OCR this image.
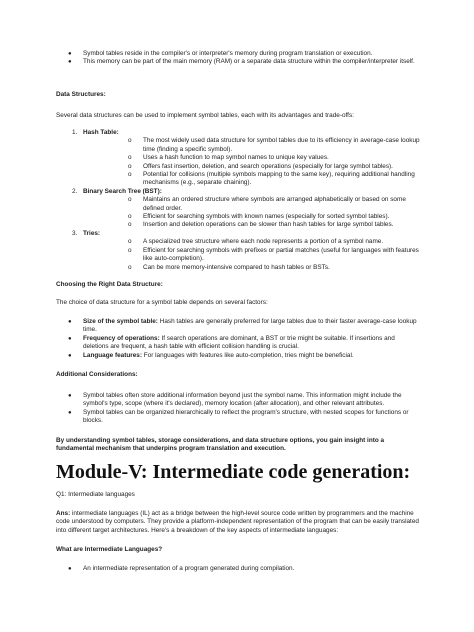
● Symbol tables reside in the compiler's or interpreter's memory during program translation or execution.
● This memory can be part of the main memory (RAM) or a separate data structure within the compiler/interpreter itself.
Data Structures:
Several data structures can be used to implement symbol tables, each with its advantages and trade-offs:
1. Hash Table:
o The most widely used data structure for symbol tables due to its efficiency in average-case lookup time (finding a specific symbol).
o Uses a hash function to map symbol names to unique key values.
o Offers fast insertion, deletion, and search operations (especially for large symbol tables).
o Potential for collisions (multiple symbols mapping to the same key), requiring additional handling mechanisms (e.g., separate chaining).
2. Binary Search Tree (BST):
o Maintains an ordered structure where symbols are arranged alphabetically or based on some defined order.
o Efficient for searching symbols with known names (especially for sorted symbol tables).
o Insertion and deletion operations can be slower than hash tables for large symbol tables.
3. Tries:
o A specialized tree structure where each node represents a portion of a symbol name.
o Efficient for searching symbols with prefixes or partial matches (useful for languages with features like auto-completion).
o Can be more memory-intensive compared to hash tables or BSTs.
Choosing the Right Data Structure:
The choice of data structure for a symbol table depends on several factors:
● Size of the symbol table: Hash tables are generally preferred for large tables due to their faster average-case lookup time.
● Frequency of operations: If search operations are dominant, a BST or trie might be suitable. If insertions and deletions are frequent, a hash table with efficient collision handling is crucial.
● Language features: For languages with features like auto-completion, tries might be beneficial.
Additional Considerations:
● Symbol tables often store additional information beyond just the symbol name. This information might include the symbol's type, scope (where it's declared), memory location (after allocation), and other relevant attributes.
● Symbol tables can be organized hierarchically to reflect the program's structure, with nested scopes for functions or blocks.
By understanding symbol tables, storage considerations, and data structure options, you gain insight into a fundamental mechanism that underpins program translation and execution.
Module-V: Intermediate code generation:
Q1: Intermediate languages
Ans: intermediate languages (IL) act as a bridge between the high-level source code written by programmers and the machine code understood by computers. They provide a platform-independent representation of the program that can be easily translated into different target architectures. Here's a breakdown of the key aspects of intermediate languages:
What are Intermediate Languages?
● An intermediate representation of a program generated during compilation.
